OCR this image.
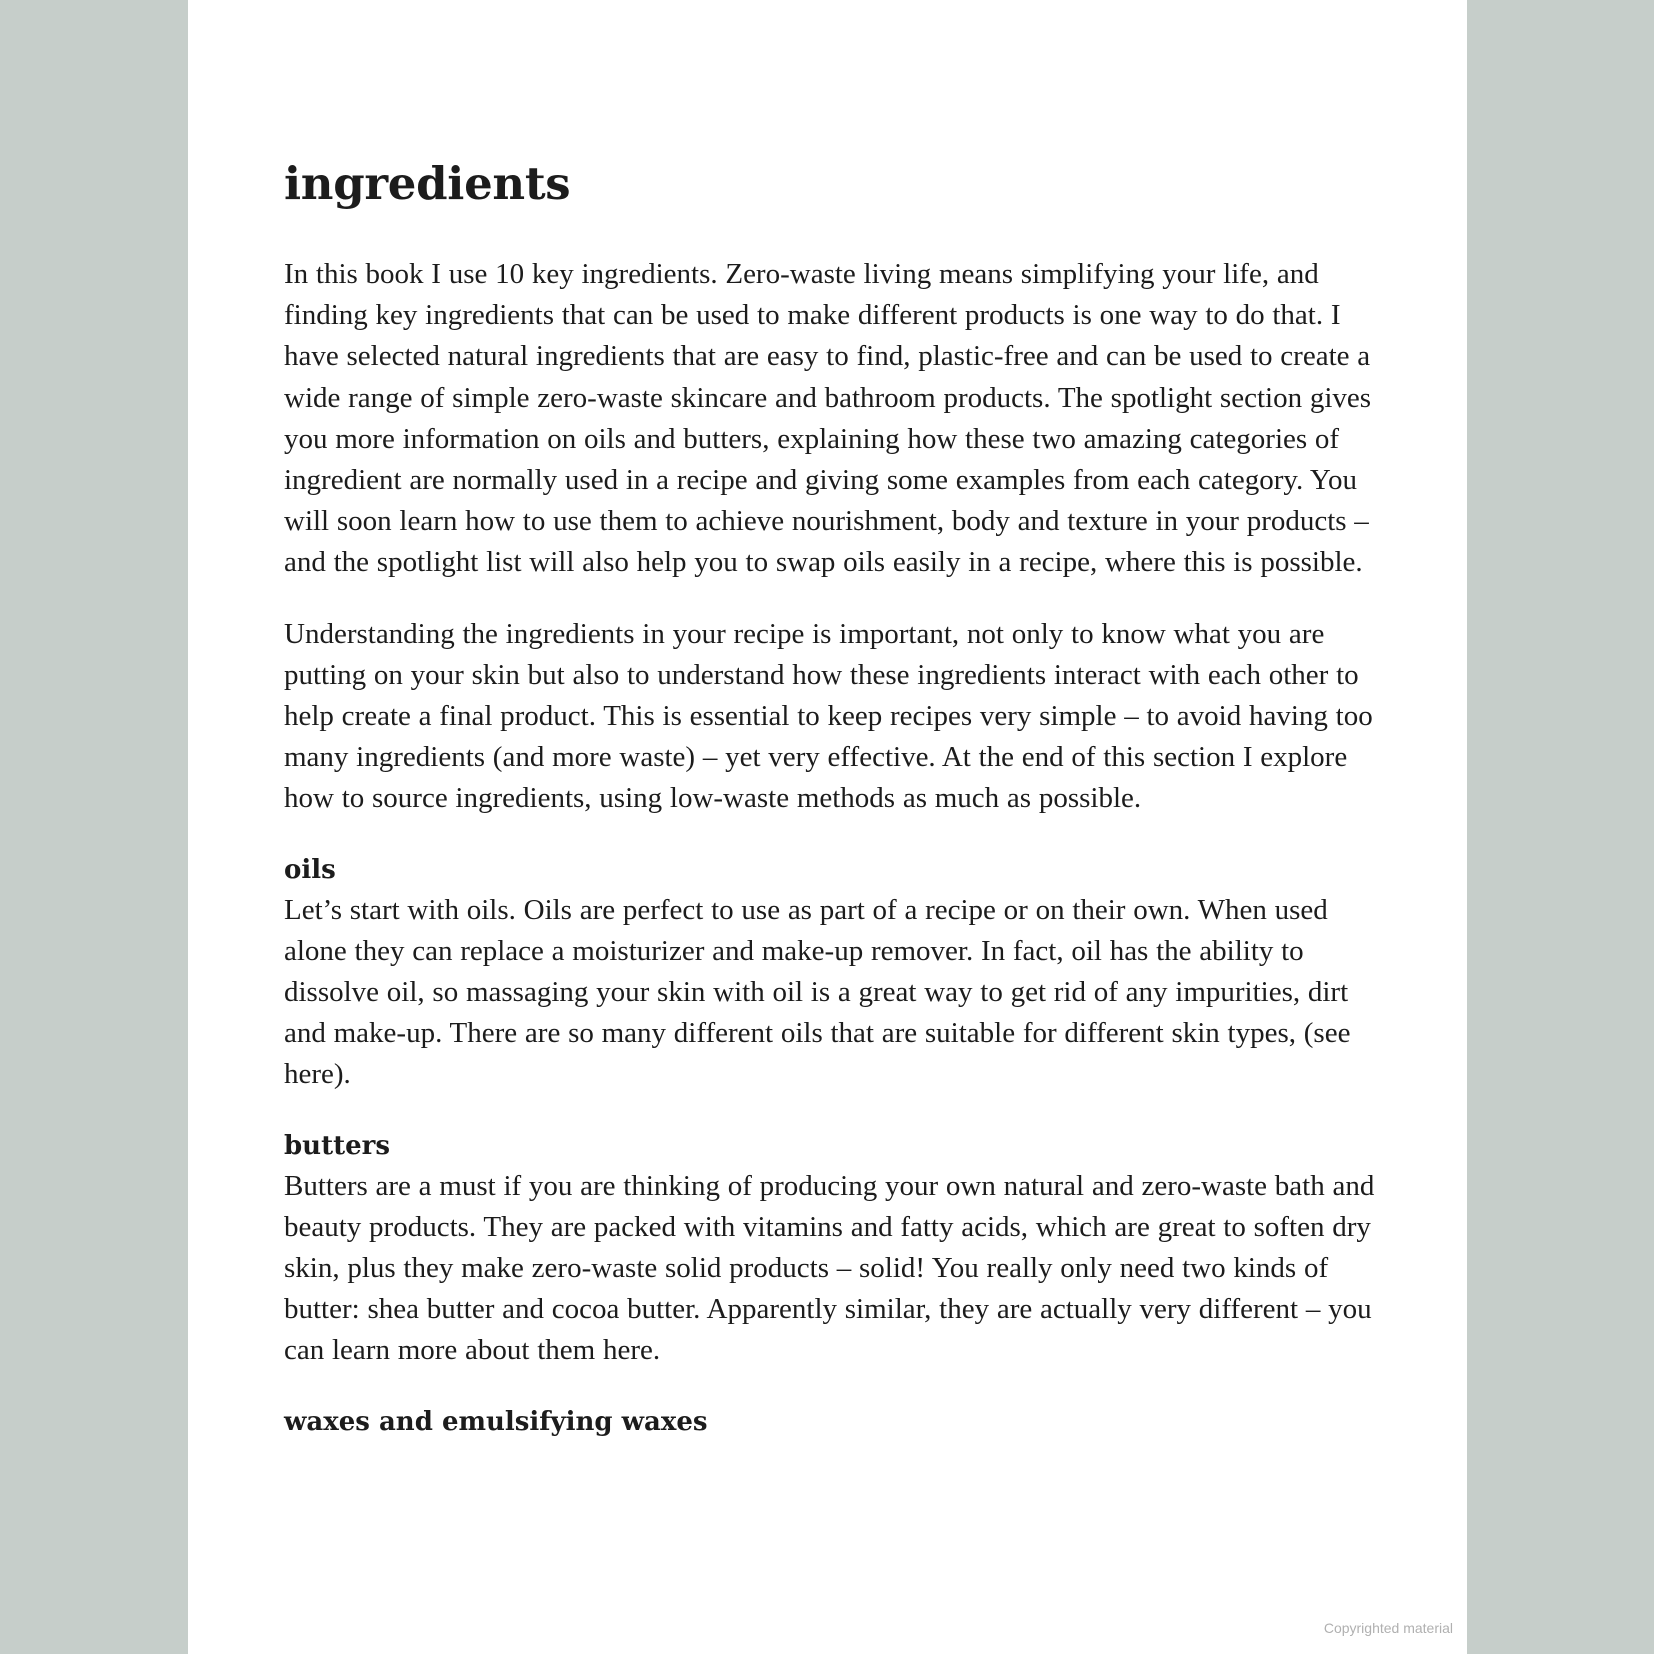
ingredients

In this book I use 10 key ingredients. Zero-waste living means simplifying your life, and finding key ingredients that can be used to make different products is one way to do that. I have selected natural ingredients that are easy to find, plastic-free and can be used to create a wide range of simple zero-waste skincare and bathroom products. The spotlight section gives you more information on oils and butters, explaining how these two amazing categories of ingredient are normally used in a recipe and giving some examples from each category. You will soon learn how to use them to achieve nourishment, body and texture in your products – and the spotlight list will also help you to swap oils easily in a recipe, where this is possible.

Understanding the ingredients in your recipe is important, not only to know what you are putting on your skin but also to understand how these ingredients interact with each other to help create a final product. This is essential to keep recipes very simple – to avoid having too many ingredients (and more waste) – yet very effective. At the end of this section I explore how to source ingredients, using low-waste methods as much as possible.

oils

Let’s start with oils. Oils are perfect to use as part of a recipe or on their own. When used alone they can replace a moisturizer and make-up remover. In fact, oil has the ability to dissolve oil, so massaging your skin with oil is a great way to get rid of any impurities, dirt and make-up. There are so many different oils that are suitable for different skin types, (see here).

butters

Butters are a must if you are thinking of producing your own natural and zero-waste bath and beauty products. They are packed with vitamins and fatty acids, which are great to soften dry skin, plus they make zero-waste solid products – solid! You really only need two kinds of butter: shea butter and cocoa butter. Apparently similar, they are actually very different – you can learn more about them here.

waxes and emulsifying waxes
Copyrighted material
